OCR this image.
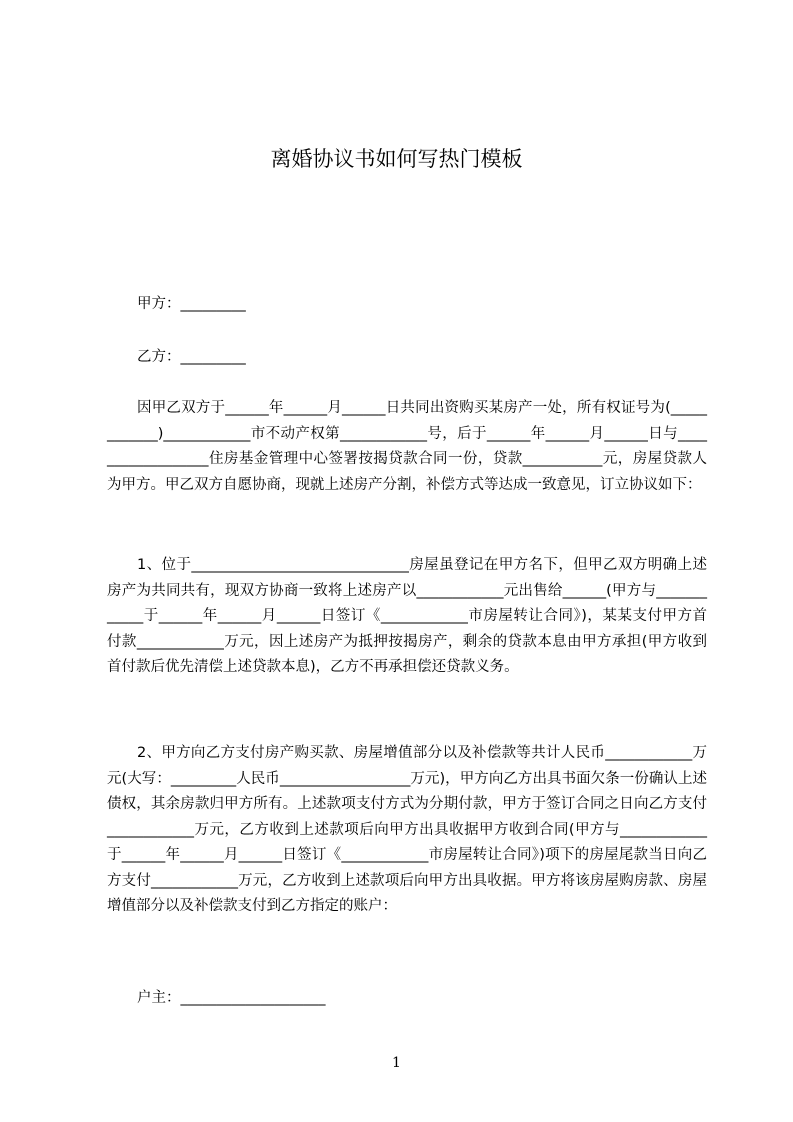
离婚协议书如何写热门模板
甲方：_________
乙方：_________

因甲乙双方于______年______月______日共同出资购买某房产一处，所有权证号为(____________)____________市不动产权第____________号，后于______年______月______日与__________________住房基金管理中心签署按揭贷款合同一份，贷款___________元，房屋贷款人为甲方。甲乙双方自愿协商，现就上述房产分割，补偿方式等达成一致意见，订立协议如下：

1、位于______________________________房屋虽登记在甲方名下，但甲乙双方明确上述房产为共同共有，现双方协商一致将上述房产以____________元出售给______(甲方与____________于______年______月______日签订《____________市房屋转让合同》)，某某支付甲方首付款____________万元，因上述房产为抵押按揭房产，剩余的贷款本息由甲方承担(甲方收到首付款后优先清偿上述贷款本息)，乙方不再承担偿还贷款义务。

2、甲方向乙方支付房产购买款、房屋增值部分以及补偿款等共计人民币____________万元(大写：_________人民币__________________万元)，甲方向乙方出具书面欠条一份确认上述债权，其余房款归甲方所有。上述款项支付方式为分期付款，甲方于签订合同之日向乙方支付____________万元，乙方收到上述款项后向甲方出具收据甲方收到合同(甲方与____________于______年______月______日签订《____________市房屋转让合同》)项下的房屋尾款当日向乙方支付____________万元，乙方收到上述款项后向甲方出具收据。甲方将该房屋购房款、房屋增值部分以及补偿款支付到乙方指定的账户：

户主：____________________
1
